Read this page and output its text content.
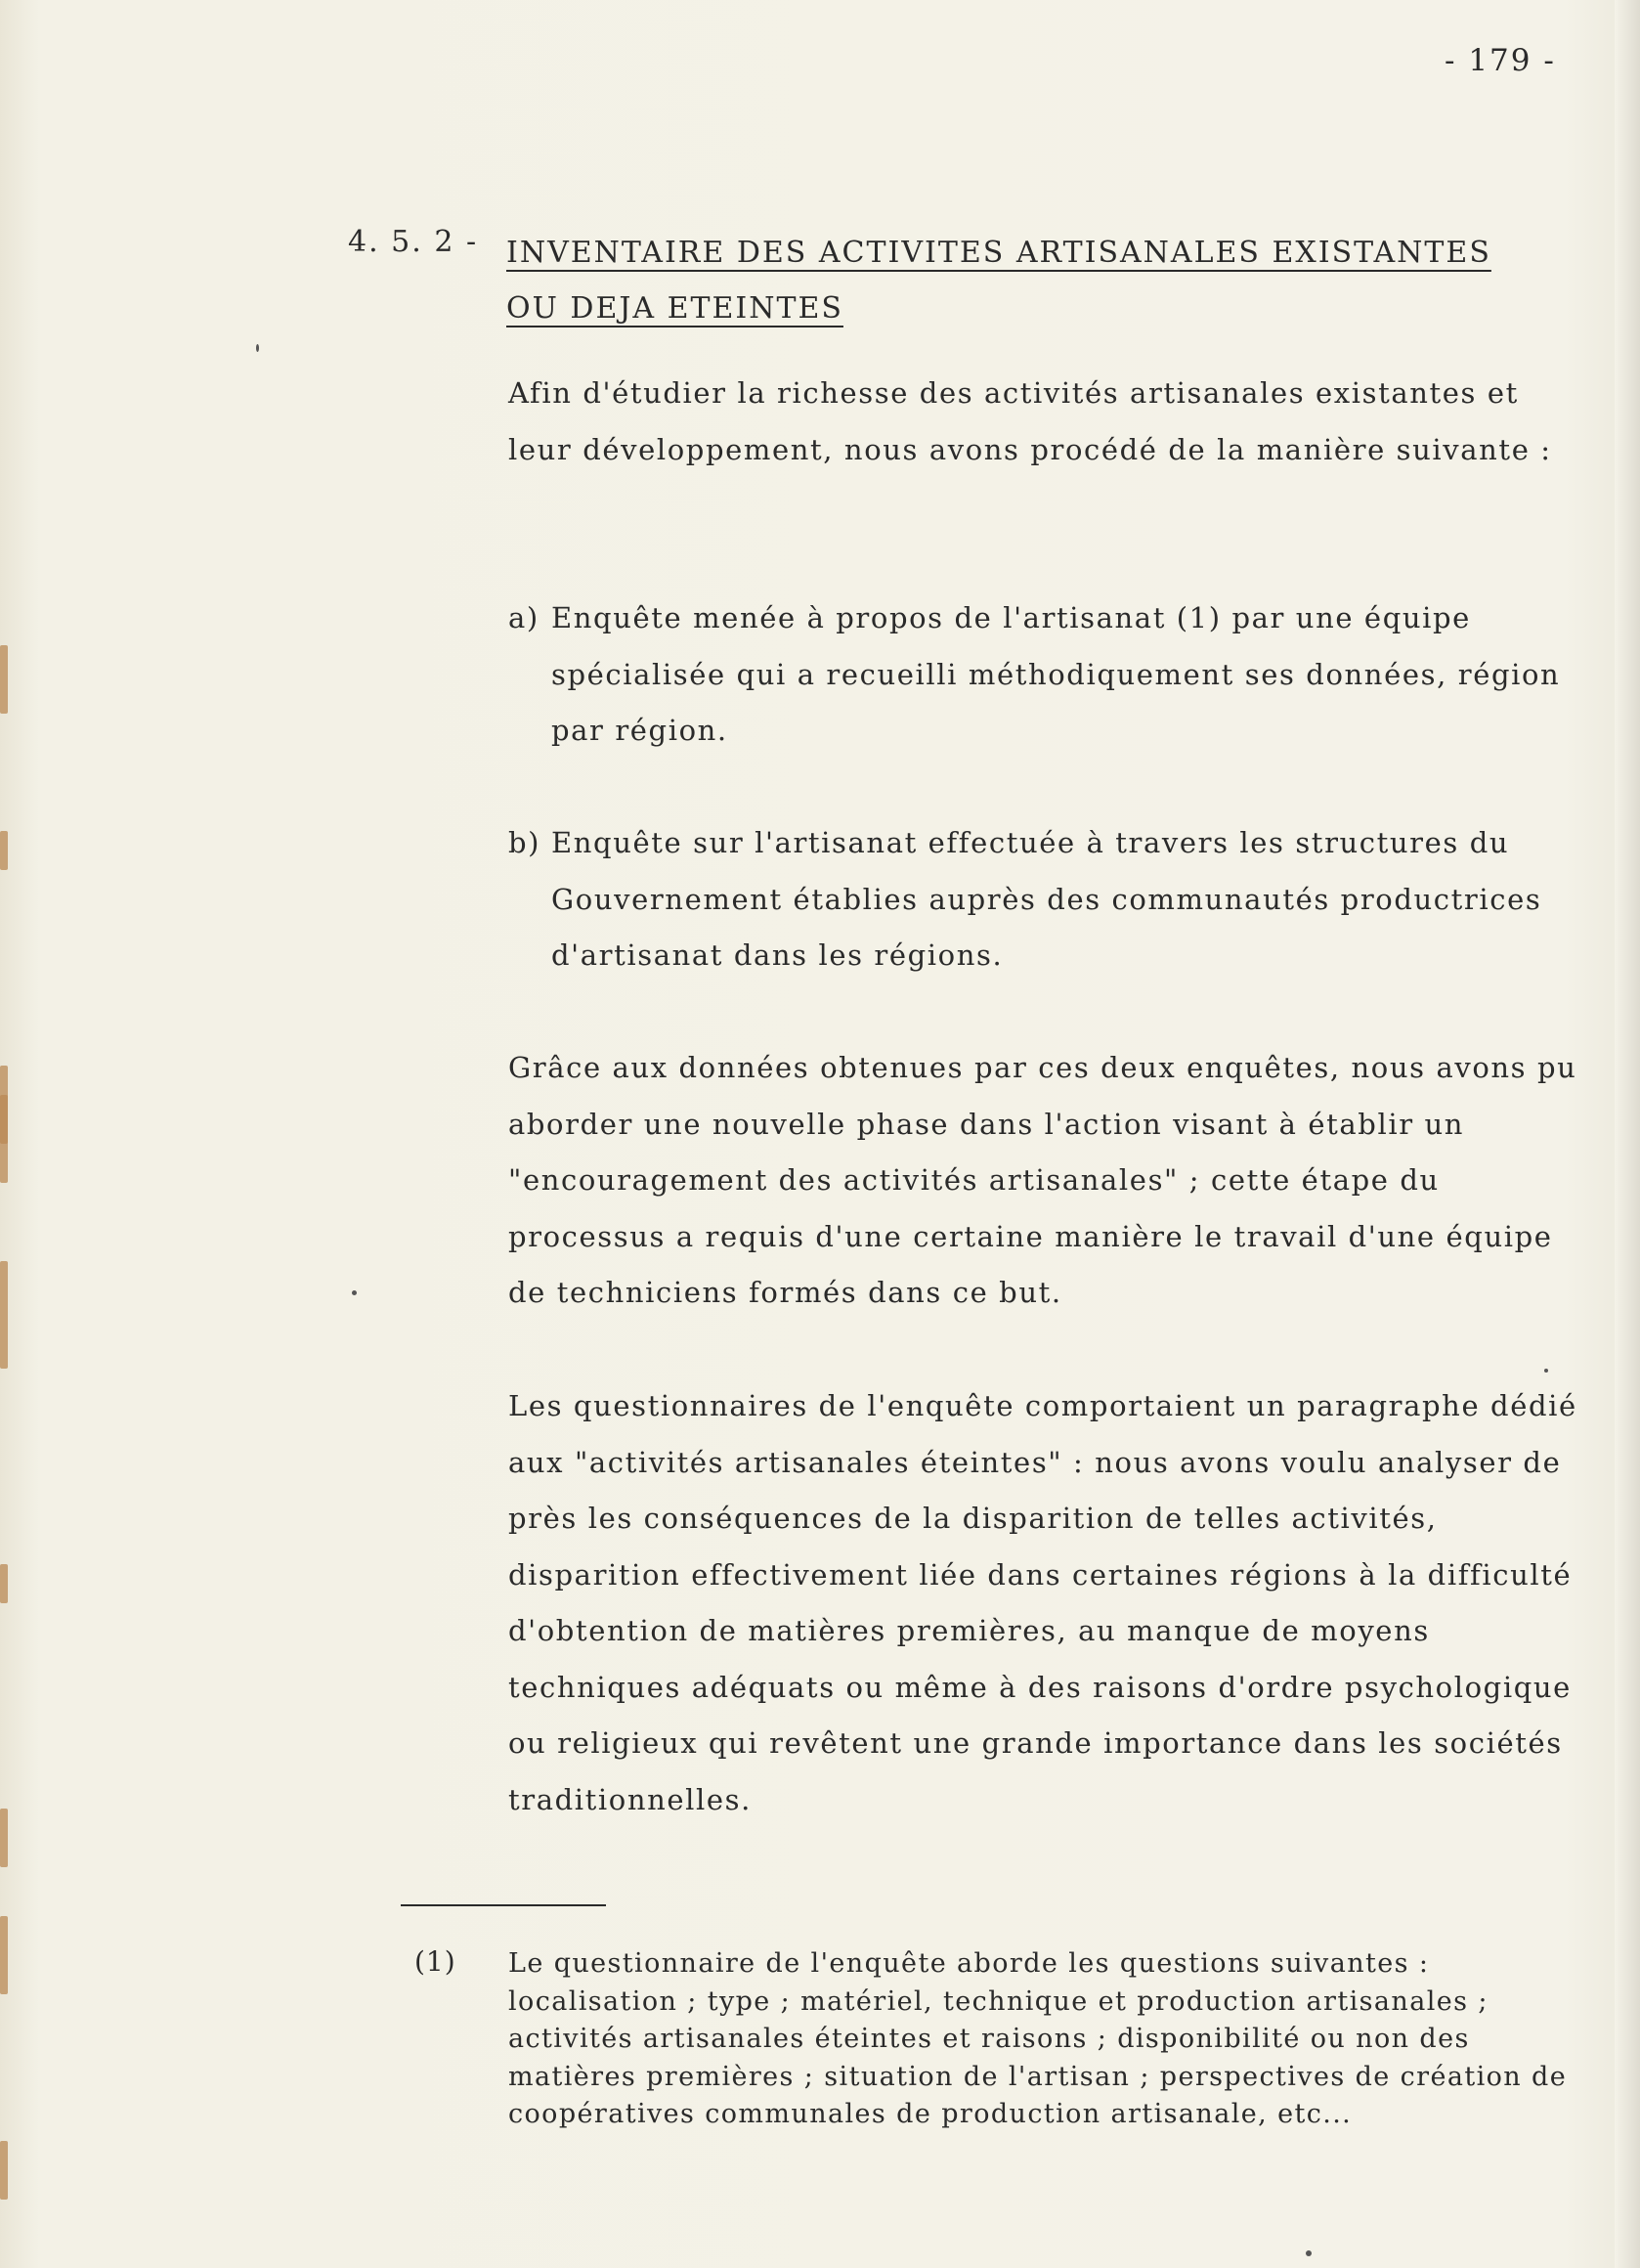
- 179 -
4. 5. 2 - INVENTAIRE DES ACTIVITES ARTISANALES EXISTANTES
OU DEJA ETEINTES
Afin d'étudier la richesse des activités artisanales existantes et leur développement, nous avons procédé de la manière suivante :
a) Enquête menée à propos de l'artisanat (1) par une équipe spécialisée qui a recueilli méthodiquement ses données, région par région.
b) Enquête sur l'artisanat effectuée à travers les structures du Gouvernement établies auprès des communautés productrices d'artisanat dans les régions.
Grâce aux données obtenues par ces deux enquêtes, nous avons pu aborder une nouvelle phase dans l'action visant à établir un "encouragement des activités artisanales" ; cette étape du processus a requis d'une certaine manière le travail d'une équipe de techniciens formés dans ce but.
Les questionnaires de l'enquête comportaient un paragraphe dédié aux "activités artisanales éteintes" : nous avons voulu analyser de près les conséquences de la disparition de telles activités, disparition effectivement liée dans certaines régions à la difficulté d'obtention de matières premières, au manque de moyens techniques adéquats ou même à des raisons d'ordre psychologique ou religieux qui revêtent une grande importance dans les sociétés traditionnelles.
(1) Le questionnaire de l'enquête aborde les questions suivantes : localisation ; type ; matériel, technique et production artisanales ; activités artisanales éteintes et raisons ; disponibilité ou non des matières premières ; situation de l'artisan ; perspectives de création de coopératives communales de production artisanale, etc...
